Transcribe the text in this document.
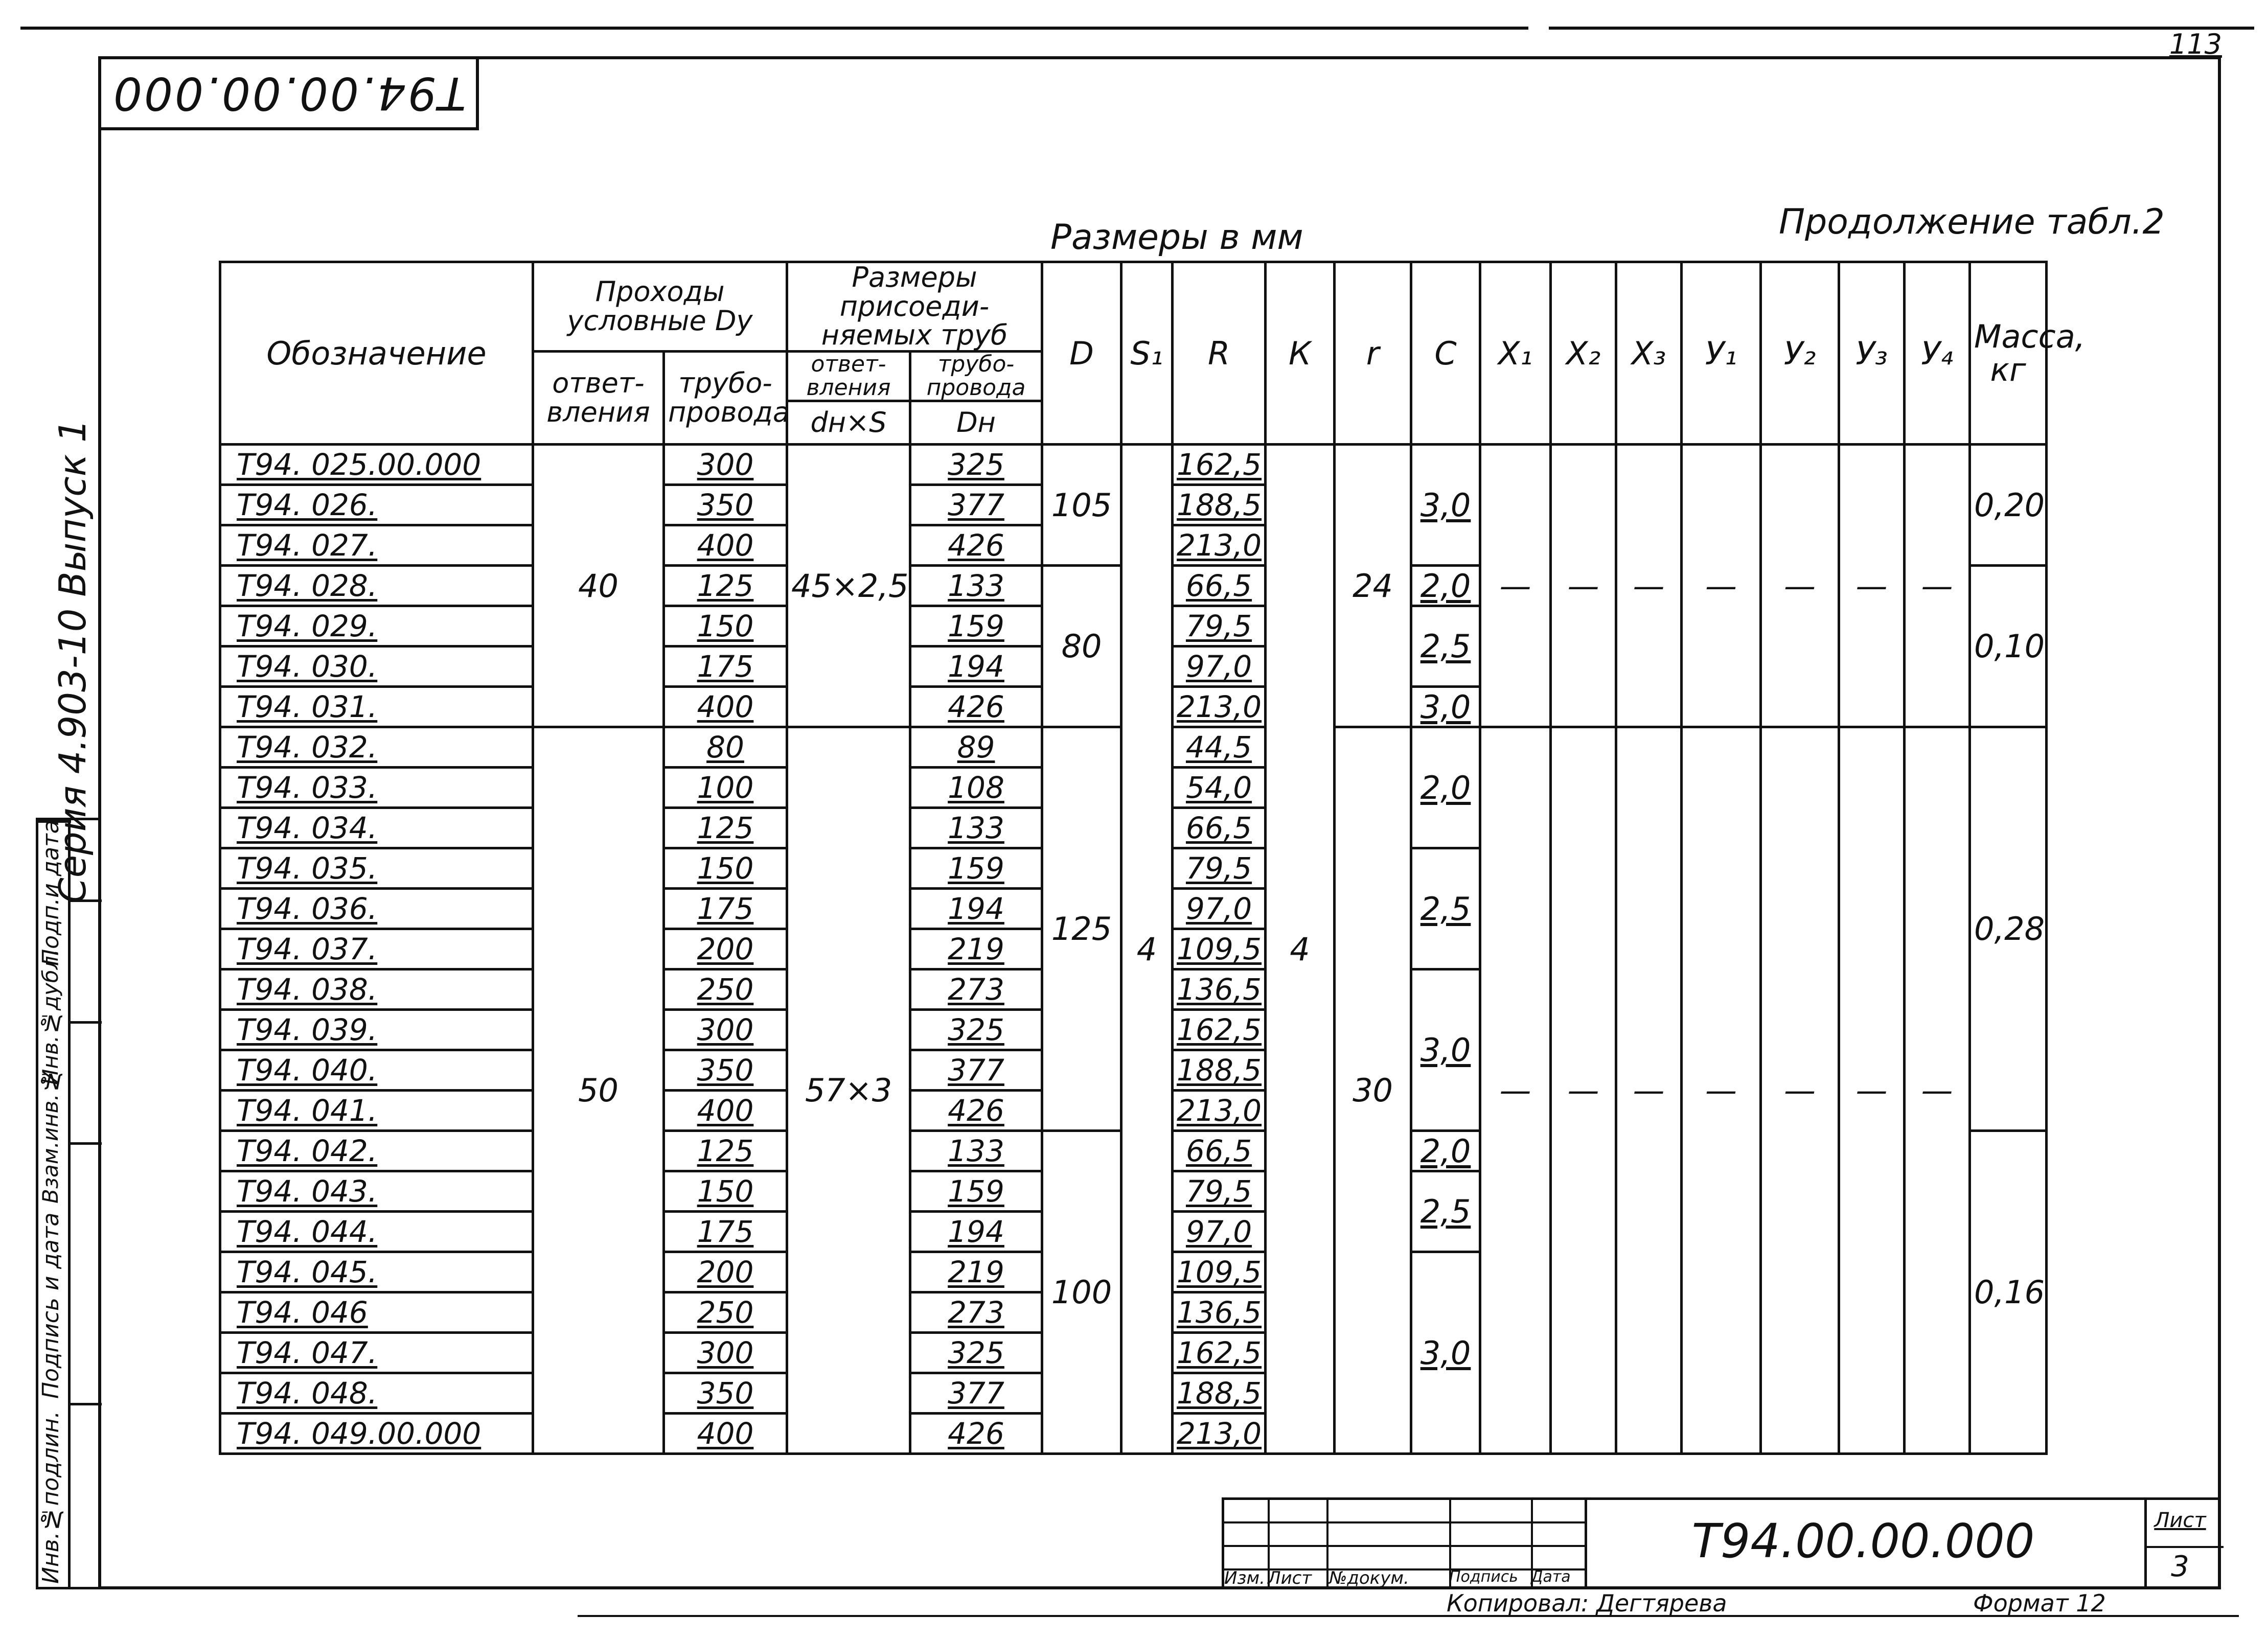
113
Т94.00.00.000
Инв.№подлин.
Подпись и дата
Взам.инв.№
Инв.№дубл.
Подп.и дата
Серия 4.903-10 Выпуск 1
Размеры в мм	Продолжение табл.2
Обозначение	Проходы условные Dy		Размеры присоеди-няемых труб		D	S₁	R	К	r	С	X₁	X₂	X₃	У₁	У₂	У₃	У₄	Масса, кг
	ответ-вления	трубо-провода	ответ-вления	трубо-провода														
			dн×S	Dн														
Т94. 025.00.000	40	300	45×2,5	325	105	4	162,5	4	24	3,0	—	—	—	—	—	—	—	0,20
Т94. 026.		350		377			188,5											
Т94. 027.		400		426			213,0											
Т94. 028.		125		133	80		66,5			2,0								0,10
Т94. 029.		150		159			79,5			2,5								
Т94. 030.		175		194			97,0											
Т94. 031.		400		426			213,0			3,0								
Т94. 032.	50	80	57×3	89	125		44,5		30	2,0	—	—	—	—	—	—	—	0,28
Т94. 033.		100		108			54,0											
Т94. 034.		125		133			66,5											
Т94. 035.		150		159			79,5			2,5								
Т94. 036.		175		194			97,0											
Т94. 037.		200		219			109,5											
Т94. 038.		250		273			136,5			3,0								
Т94. 039.		300		325			162,5											
Т94. 040.		350		377			188,5											
Т94. 041.		400		426			213,0											
Т94. 042.		125		133	100		66,5			2,0								0,16
Т94. 043.		150		159			79,5			2,5								
Т94. 044.		175		194			97,0											
Т94. 045.		200		219			109,5			3,0								
Т94. 046		250		273			136,5											
Т94. 047.		300		325			162,5											
Т94. 048.		350		377			188,5											
Т94. 049.00.000		400		426			213,0											
Изм. Лист №докум.	Подпись Дата
Т94.00.00.000	Лист
3
Копировал: Дегтярева	Формат 12
